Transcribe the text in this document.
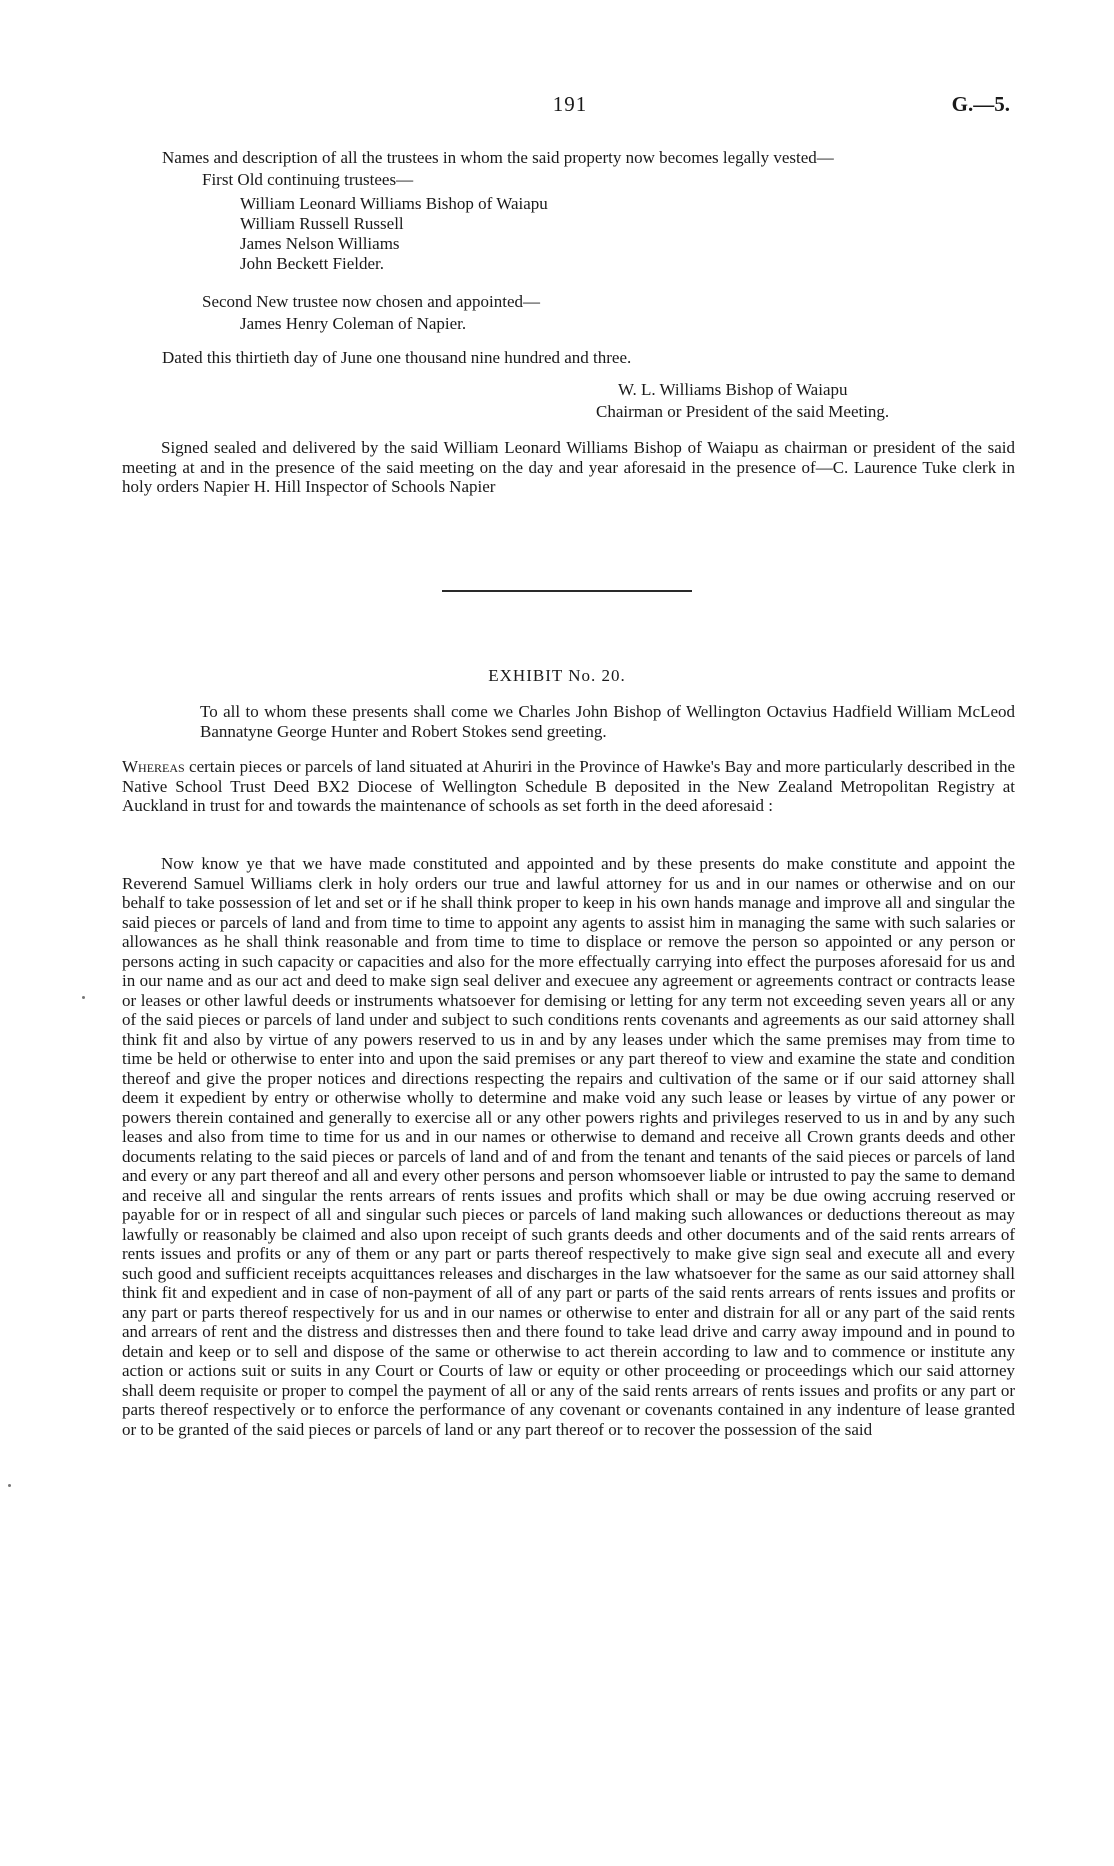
191	G.—5.
Names and description of all the trustees in whom the said property now becomes legally vested—
First Old continuing trustees—
William Leonard Williams Bishop of Waiapu
William Russell Russell
James Nelson Williams
John Beckett Fielder.
Second New trustee now chosen and appointed—
James Henry Coleman of Napier.
Dated this thirtieth day of June one thousand nine hundred and three.
W. L. Williams Bishop of Waiapu
Chairman or President of the said Meeting.

Signed sealed and delivered by the said William Leonard Williams Bishop of Waiapu as chairman or president of the said meeting at and in the presence of the said meeting on the day and year aforesaid in the presence of—C. Laurence Tuke clerk in holy orders Napier H. Hill Inspector of Schools Napier

EXHIBIT No. 20.

To all to whom these presents shall come we Charles John Bishop of Wellington Octavius Hadfield William McLeod Bannatyne George Hunter and Robert Stokes send greeting.

Whereas certain pieces or parcels of land situated at Ahuriri in the Province of Hawke's Bay and more particularly described in the Native School Trust Deed BX2 Diocese of Wellington Schedule B deposited in the New Zealand Metropolitan Registry at Auckland in trust for and towards the maintenance of schools as set forth in the deed aforesaid :

Now know ye that we have made constituted and appointed and by these presents do make constitute and appoint the Reverend Samuel Williams clerk in holy orders our true and lawful attorney for us and in our names or otherwise and on our behalf to take possession of let and set or if he shall think proper to keep in his own hands manage and improve all and singular the said pieces or parcels of land and from time to time to appoint any agents to assist him in managing the same with such salaries or allowances as he shall think reasonable and from time to time to displace or remove the person so appointed or any person or persons acting in such capacity or capacities and also for the more effectually carrying into effect the purposes aforesaid for us and in our name and as our act and deed to make sign seal deliver and execuee any agreement or agreements contract or contracts lease or leases or other lawful deeds or instruments whatsoever for demising or letting for any term not exceeding seven years all or any of the said pieces or parcels of land under and subject to such conditions rents covenants and agreements as our said attorney shall think fit and also by virtue of any powers reserved to us in and by any leases under which the same premises may from time to time be held or otherwise to enter into and upon the said premises or any part thereof to view and examine the state and condition thereof and give the proper notices and directions respecting the repairs and cultivation of the same or if our said attorney shall deem it expedient by entry or otherwise wholly to determine and make void any such lease or leases by virtue of any power or powers therein contained and generally to exercise all or any other powers rights and privileges reserved to us in and by any such leases and also from time to time for us and in our names or otherwise to demand and receive all Crown grants deeds and other documents relating to the said pieces or parcels of land and of and from the tenant and tenants of the said pieces or parcels of land and every or any part thereof and all and every other persons and person whomsoever liable or intrusted to pay the same to demand and receive all and singular the rents arrears of rents issues and profits which shall or may be due owing accruing reserved or payable for or in respect of all and singular such pieces or parcels of land making such allowances or deductions thereout as may lawfully or reasonably be claimed and also upon receipt of such grants deeds and other documents and of the said rents arrears of rents issues and profits or any of them or any part or parts thereof respectively to make give sign seal and execute all and every such good and sufficient receipts acquittances releases and discharges in the law whatsoever for the same as our said attorney shall think fit and expedient and in case of non-payment of all of any part or parts of the said rents arrears of rents issues and profits or any part or parts thereof respectively for us and in our names or otherwise to enter and distrain for all or any part of the said rents and arrears of rent and the distress and distresses then and there found to take lead drive and carry away impound and in pound to detain and keep or to sell and dispose of the same or otherwise to act therein according to law and to commence or institute any action or actions suit or suits in any Court or Courts of law or equity or other proceeding or proceedings which our said attorney shall deem requisite or proper to compel the payment of all or any of the said rents arrears of rents issues and profits or any part or parts thereof respectively or to enforce the performance of any covenant or covenants contained in any indenture of lease granted or to be granted of the said pieces or parcels of land or any part thereof or to recover the possession of the said
